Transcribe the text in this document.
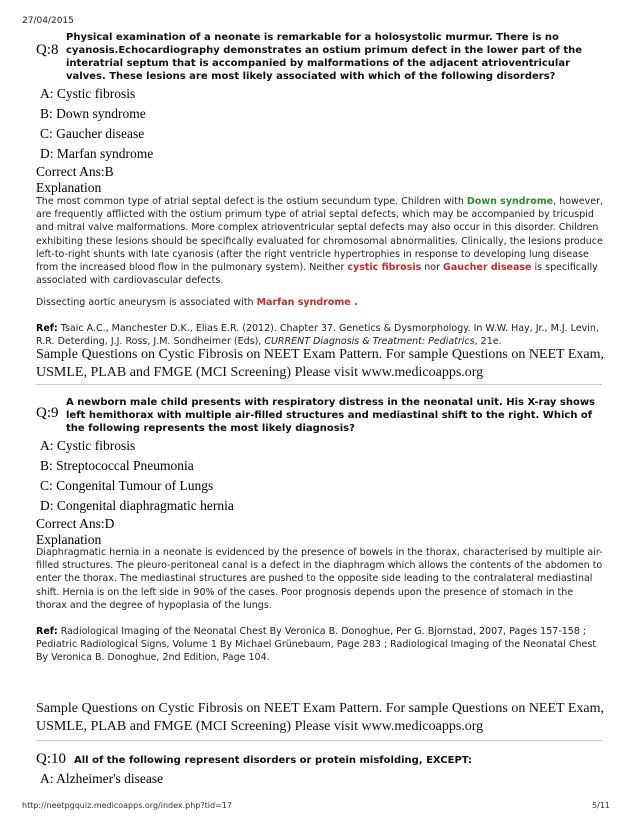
27/04/2015
Q:8
Physical examination of a neonate is remarkable for a holosystolic murmur. There is no cyanosis.Echocardiography demonstrates an ostium primum defect in the lower part of the interatrial septum that is accompanied by malformations of the adjacent atrioventricular valves. These lesions are most likely associated with which of the following disorders?
A: Cystic fibrosis
B: Down syndrome
C: Gaucher disease
D: Marfan syndrome
Correct Ans:B
Explanation
The most common type of atrial septal defect is the ostium secundum type. Children with Down syndrome, however, are frequently afflicted with the ostium primum type of atrial septal defects, which may be accompanied by tricuspid and mitral valve malformations. More complex atrioventricular septal defects may also occur in this disorder. Children exhibiting these lesions should be specifically evaluated for chromosomal abnormalities. Clinically, the lesions produce left-to-right shunts with late cyanosis (after the right ventricle hypertrophies in response to developing lung disease from the increased blood flow in the pulmonary system). Neither cystic fibrosis nor Gaucher disease is specifically associated with cardiovascular defects.
Dissecting aortic aneurysm is associated with Marfan syndrome .
Ref: Tsaic A.C., Manchester D.K., Elias E.R. (2012). Chapter 37. Genetics & Dysmorphology. In W.W. Hay, Jr., M.J. Levin, R.R. Deterding, J.J. Ross, J.M. Sondheimer (Eds), CURRENT Diagnosis & Treatment: Pediatrics, 21e.
Sample Questions on Cystic Fibrosis on NEET Exam Pattern. For sample Questions on NEET Exam, USMLE, PLAB and FMGE (MCI Screening) Please visit www.medicoapps.org
Q:9
A newborn male child presents with respiratory distress in the neonatal unit. His X-ray shows left hemithorax with multiple air-filled structures and mediastinal shift to the right. Which of the following represents the most likely diagnosis?
A: Cystic fibrosis
B: Streptococcal Pneumonia
C: Congenital Tumour of Lungs
D: Congenital diaphragmatic hernia
Correct Ans:D
Explanation
Diaphragmatic hernia in a neonate is evidenced by the presence of bowels in the thorax, characterised by multiple air-filled structures. The pleuro-peritoneal canal is a defect in the diaphragm which allows the contents of the abdomen to enter the thorax. The mediastinal structures are pushed to the opposite side leading to the contralateral mediastinal shift. Hernia is on the left side in 90% of the cases. Poor prognosis depends upon the presence of stomach in the thorax and the degree of hypoplasia of the lungs.
Ref: Radiological Imaging of the Neonatal Chest By Veronica B. Donoghue, Per G. Bjornstad, 2007, Pages 157-158 ; Pediatric Radiological Signs, Volume 1 By Michael Grünebaum, Page 283 ; Radiological Imaging of the Neonatal Chest By Veronica B. Donoghue, 2nd Edition, Page 104.
Sample Questions on Cystic Fibrosis on NEET Exam Pattern. For sample Questions on NEET Exam, USMLE, PLAB and FMGE (MCI Screening) Please visit www.medicoapps.org
Q:10 All of the following represent disorders or protein misfolding, EXCEPT:
A: Alzheimer's disease
http://neetpgquiz.medicoapps.org/index.php?tid=17	5/11
